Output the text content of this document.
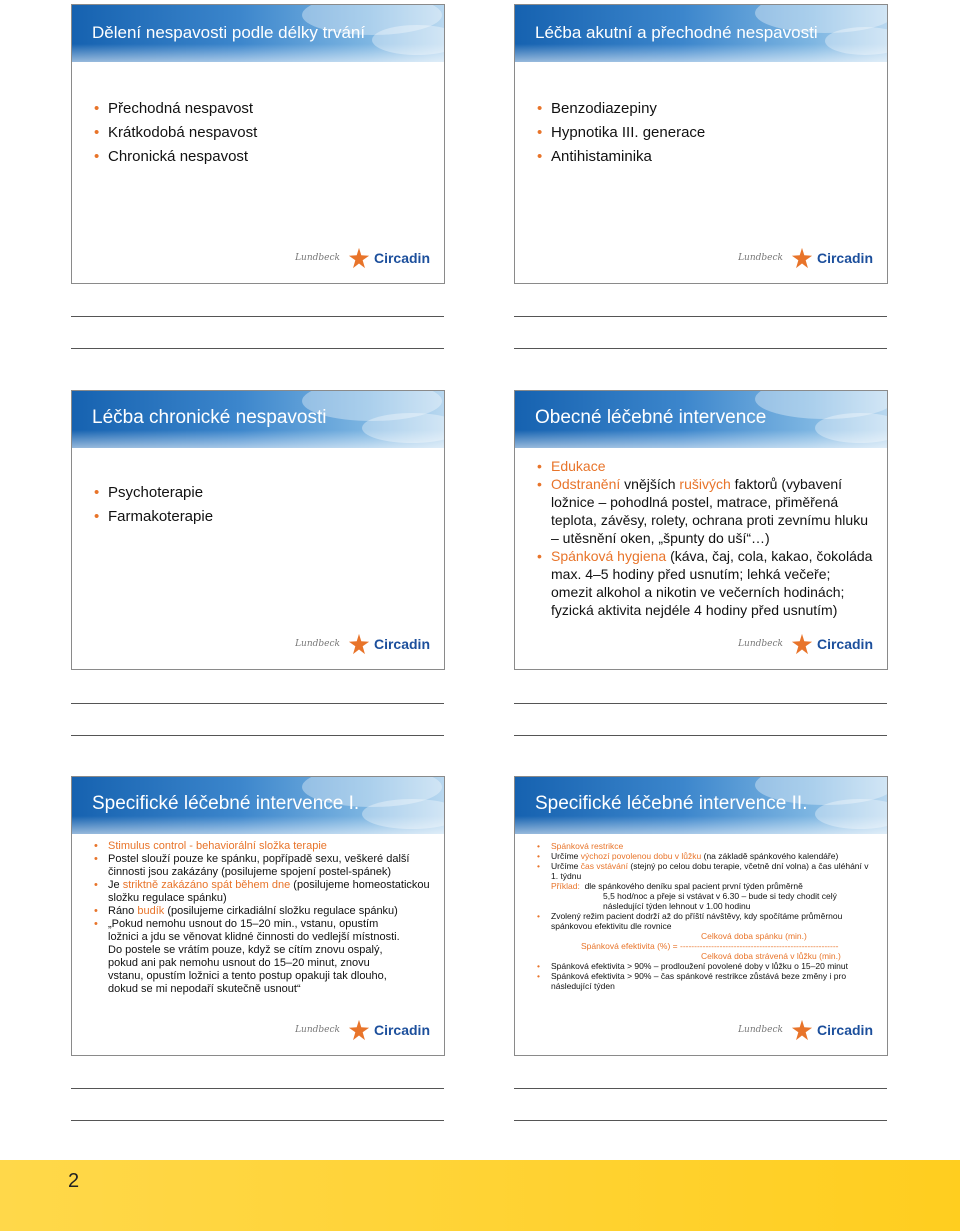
Dělení nespavosti podle délky trvání
• Přechodná nespavost
• Krátkodobá nespavost
• Chronická nespavost
Lundbeck Circadin
Léčba akutní a přechodné nespavosti
• Benzodiazepiny
• Hypnotika III. generace
• Antihistaminika
Lundbeck Circadin
Léčba chronické nespavosti
• Psychoterapie
• Farmakoterapie
Lundbeck Circadin
Obecné léčebné intervence
• Edukace
• Odstranění vnějších rušivých faktorů (vybavení ložnice – pohodlná postel, matrace, přiměřená teplota, závěsy, rolety, ochrana proti zevnímu hluku – utěsnění oken, „špunty do uší“…)
• Spánková hygiena (káva, čaj, cola, kakao, čokoláda max. 4–5 hodiny před usnutím; lehká večeře; omezit alkohol a nikotin ve večerních hodinách; fyzická aktivita nejdéle 4 hodiny před usnutím)
Lundbeck Circadin
Specifické léčebné intervence I.
• Stimulus control - behaviorální složka terapie
• Postel slouží pouze ke spánku, popřípadě sexu, veškeré další činnosti jsou zakázány (posilujeme spojení postel-spánek)
• Je striktně zakázáno spát během dne (posilujeme homeostatickou složku regulace spánku)
• Ráno budík (posilujeme cirkadiální složku regulace spánku)
• „Pokud nemohu usnout do 15–20 min., vstanu, opustím ložnici a jdu se věnovat klidné činnosti do vedlejší místnosti. Do postele se vrátím pouze, když se cítím znovu ospalý, pokud ani pak nemohu usnout do 15–20 minut, znovu vstanu, opustím ložnici a tento postup opakuji tak dlouho, dokud se mi nepodaří skutečně usnout“
Lundbeck Circadin
Specifické léčebné intervence II.
• Spánková restrikce
• Určíme výchozí povolenou dobu v lůžku (na základě spánkového kalendáře)
• Určíme čas vstávání (stejný po celou dobu terapie, včetně dní volna) a čas uléhání v 1. týdnu
Příklad: dle spánkového deníku spal pacient první týden průměrně
5,5 hod/noc a přeje si vstávat v 6.30 – bude si tedy chodit celý
následující týden lehnout v 1.00 hodinu
• Zvolený režim pacient dodrží až do příští návštěvy, kdy spočítáme průměrnou spánkovou efektivitu dle rovnice
Celková doba spánku (min.)
Spánková efektivita (%) = --------------------------------------------------------
Celková doba strávená v lůžku (min.)
• Spánková efektivita > 90% – prodloužení povolené doby v lůžku o 15–20 minut
• Spánková efektivita > 90% – čas spánkové restrikce zůstává beze změny i pro následující týden
Lundbeck Circadin
2
